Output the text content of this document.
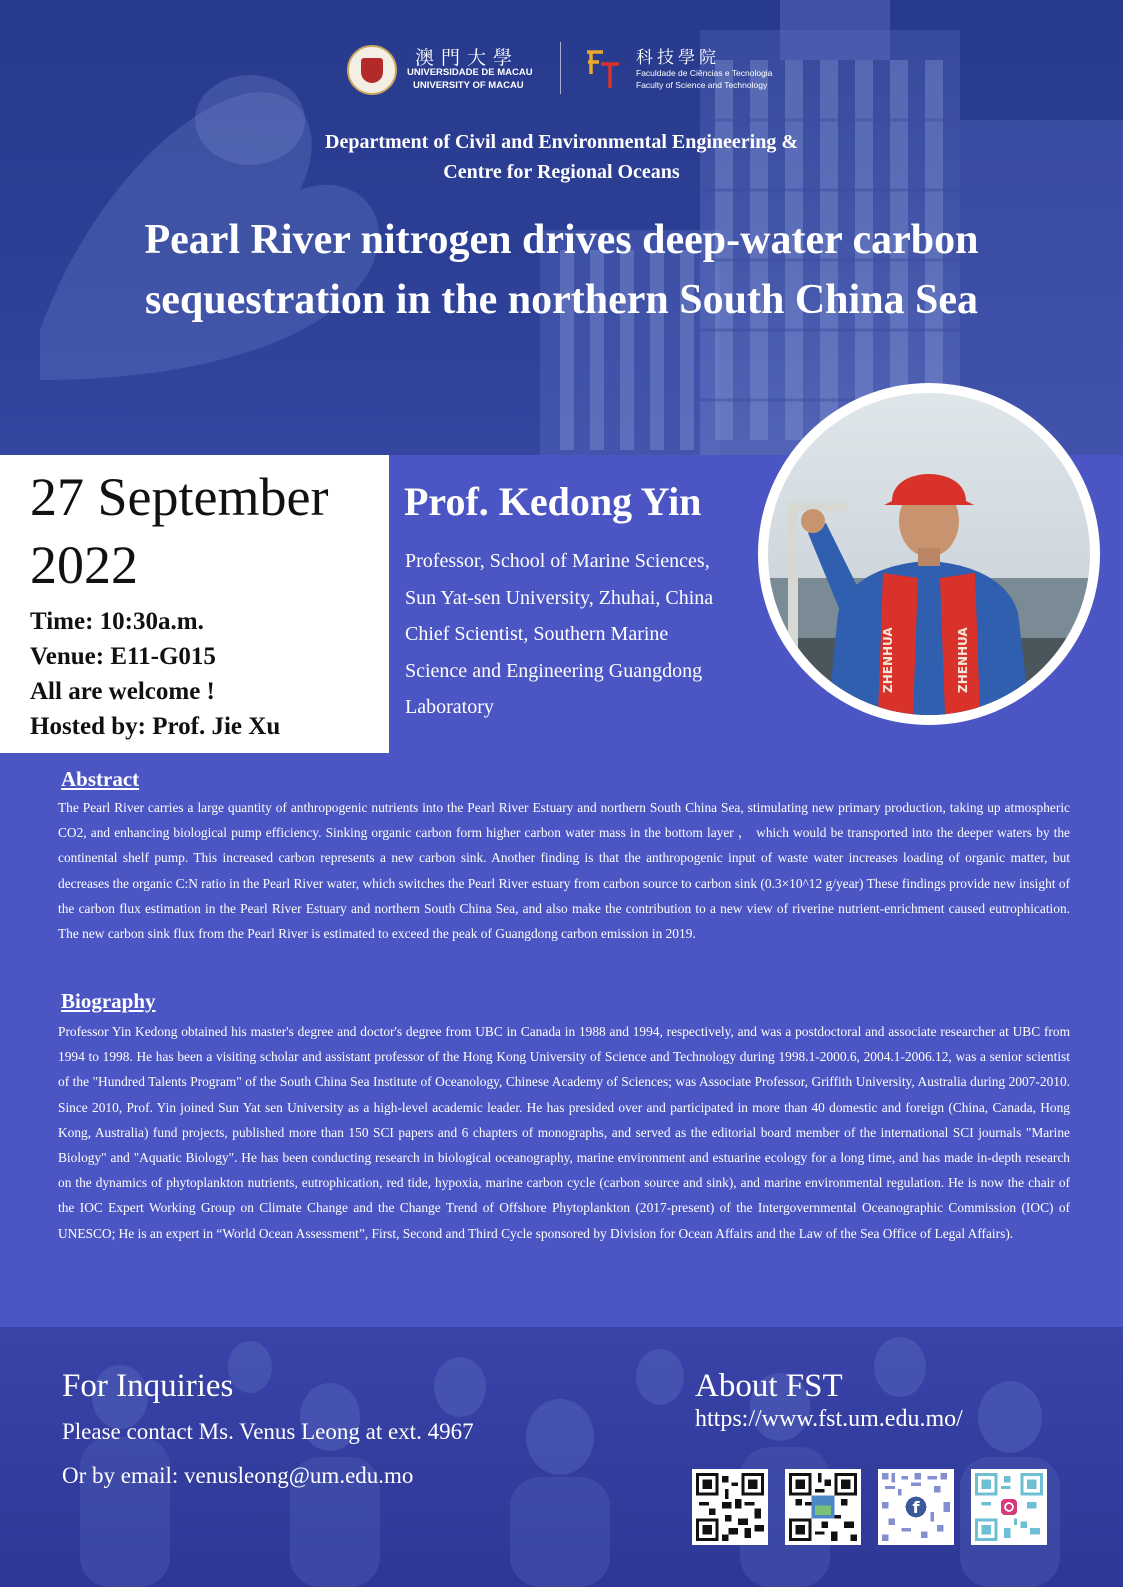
澳門大學
UNIVERSIDADE DE MACAU
UNIVERSITY OF MACAU
科技學院
Faculdade de Ciências e Tecnologia
Faculty of Science and Technology
Department of Civil and Environmental Engineering &
Centre for Regional Oceans
Pearl River nitrogen drives deep-water carbon
sequestration in the northern South China Sea
27 September
2022
Time: 10:30a.m.
Venue: E11-G015
All are welcome !
Hosted by: Prof. Jie Xu
Prof. Kedong Yin
Professor, School of Marine Sciences,
Sun Yat-sen University, Zhuhai, China
Chief Scientist, Southern Marine
Science and Engineering Guangdong
Laboratory
ZHENHUA	ZHENHUA
Abstract

The Pearl River carries a large quantity of anthropogenic nutrients into the Pearl River Estuary and northern South China Sea, stimulating new primary production, taking up atmospheric CO2, and enhancing biological pump efficiency. Sinking organic carbon form higher carbon water mass in the bottom layer ， which would be transported into the deeper waters by the continental shelf pump. This increased carbon represents a new carbon sink. Another finding is that the anthropogenic input of waste water increases loading of organic matter, but decreases the organic C:N ratio in the Pearl River water, which switches the Pearl River estuary from carbon source to carbon sink (0.3×10^12 g/year) These findings provide new insight of the carbon flux estimation in the Pearl River Estuary and northern South China Sea, and also make the contribution to a new view of riverine nutrient-enrichment caused eutrophication. The new carbon sink flux from the Pearl River is estimated to exceed the peak of Guangdong carbon emission in 2019.

Biography

Professor Yin Kedong obtained his master's degree and doctor's degree from UBC in Canada in 1988 and 1994, respectively, and was a postdoctoral and associate researcher at UBC from 1994 to 1998. He has been a visiting scholar and assistant professor of the Hong Kong University of Science and Technology during 1998.1-2000.6, 2004.1-2006.12, was a senior scientist of the "Hundred Talents Program" of the South China Sea Institute of Oceanology, Chinese Academy of Sciences; was Associate Professor, Griffith University, Australia during 2007-2010. Since 2010, Prof. Yin joined Sun Yat sen University as a high-level academic leader. He has presided over and participated in more than 40 domestic and foreign (China, Canada, Hong Kong, Australia) fund projects, published more than 150 SCI papers and 6 chapters of monographs, and served as the editorial board member of the international SCI journals "Marine Biology" and "Aquatic Biology". He has been conducting research in biological oceanography, marine environment and estuarine ecology for a long time, and has made in-depth research on the dynamics of phytoplankton nutrients, eutrophication, red tide, hypoxia, marine carbon cycle (carbon source and sink), and marine environmental regulation. He is now the chair of the IOC Expert Working Group on Climate Change and the Change Trend of Offshore Phytoplankton (2017-present) of the Intergovernmental Oceanographic Commission (IOC) of UNESCO; He is an expert in “World Ocean Assessment”, First, Second and Third Cycle sponsored by Division for Ocean Affairs and the Law of the Sea Office of Legal Affairs).

For Inquiries
Please contact Ms. Venus Leong at ext. 4967
Or by email: venusleong@um.edu.mo
About FST
https://www.fst.um.edu.mo/
f
